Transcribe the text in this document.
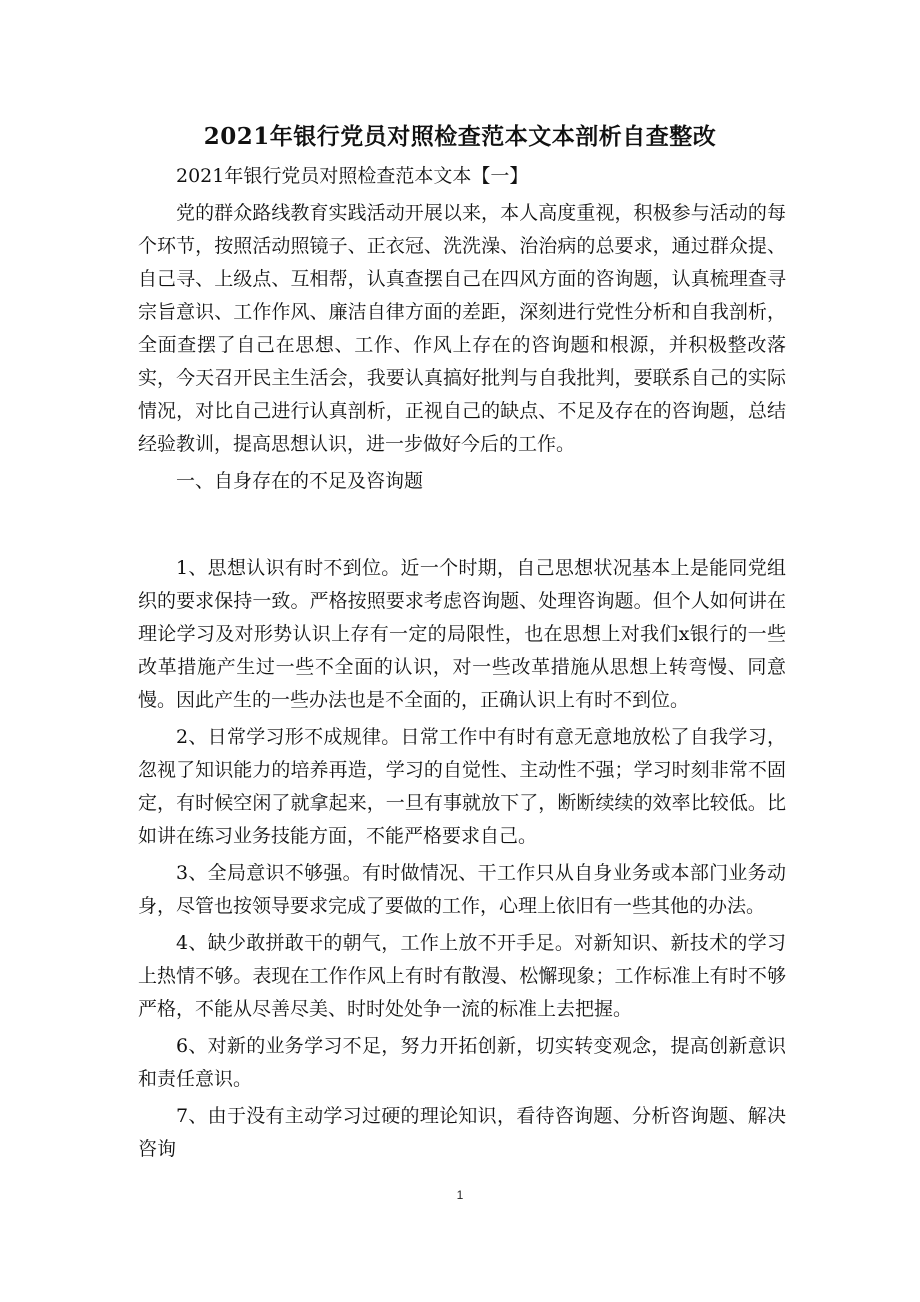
2021年银行党员对照检查范本文本剖析自查整改

2021年银行党员对照检查范本文本【一】

党的群众路线教育实践活动开展以来，本人高度重视，积极参与活动的每个环节，按照活动照镜子、正衣冠、洗洗澡、治治病的总要求，通过群众提、自己寻、上级点、互相帮，认真查摆自己在四风方面的咨询题，认真梳理查寻宗旨意识、工作作风、廉洁自律方面的差距，深刻进行党性分析和自我剖析，全面查摆了自己在思想、工作、作风上存在的咨询题和根源，并积极整改落实，今天召开民主生活会，我要认真搞好批判与自我批判，要联系自己的实际情况，对比自己进行认真剖析，正视自己的缺点、不足及存在的咨询题，总结经验教训，提高思想认识，进一步做好今后的工作。

一、自身存在的不足及咨询题

1、思想认识有时不到位。近一个时期，自己思想状况基本上是能同党组织的要求保持一致。严格按照要求考虑咨询题、处理咨询题。但个人如何讲在理论学习及对形势认识上存有一定的局限性，也在思想上对我们x银行的一些改革措施产生过一些不全面的认识，对一些改革措施从思想上转弯慢、同意慢。因此产生的一些办法也是不全面的，正确认识上有时不到位。

2、日常学习形不成规律。日常工作中有时有意无意地放松了自我学习，忽视了知识能力的培养再造，学习的自觉性、主动性不强；学习时刻非常不固定，有时候空闲了就拿起来，一旦有事就放下了，断断续续的效率比较低。比如讲在练习业务技能方面，不能严格要求自己。

3、全局意识不够强。有时做情况、干工作只从自身业务或本部门业务动身，尽管也按领导要求完成了要做的工作，心理上依旧有一些其他的办法。

4、缺少敢拼敢干的朝气，工作上放不开手足。对新知识、新技术的学习上热情不够。表现在工作作风上有时有散漫、松懈现象；工作标准上有时不够严格，不能从尽善尽美、时时处处争一流的标准上去把握。

6、对新的业务学习不足，努力开拓创新，切实转变观念，提高创新意识和责任意识。

7、由于没有主动学习过硬的理论知识，看待咨询题、分析咨询题、解决咨询

1
